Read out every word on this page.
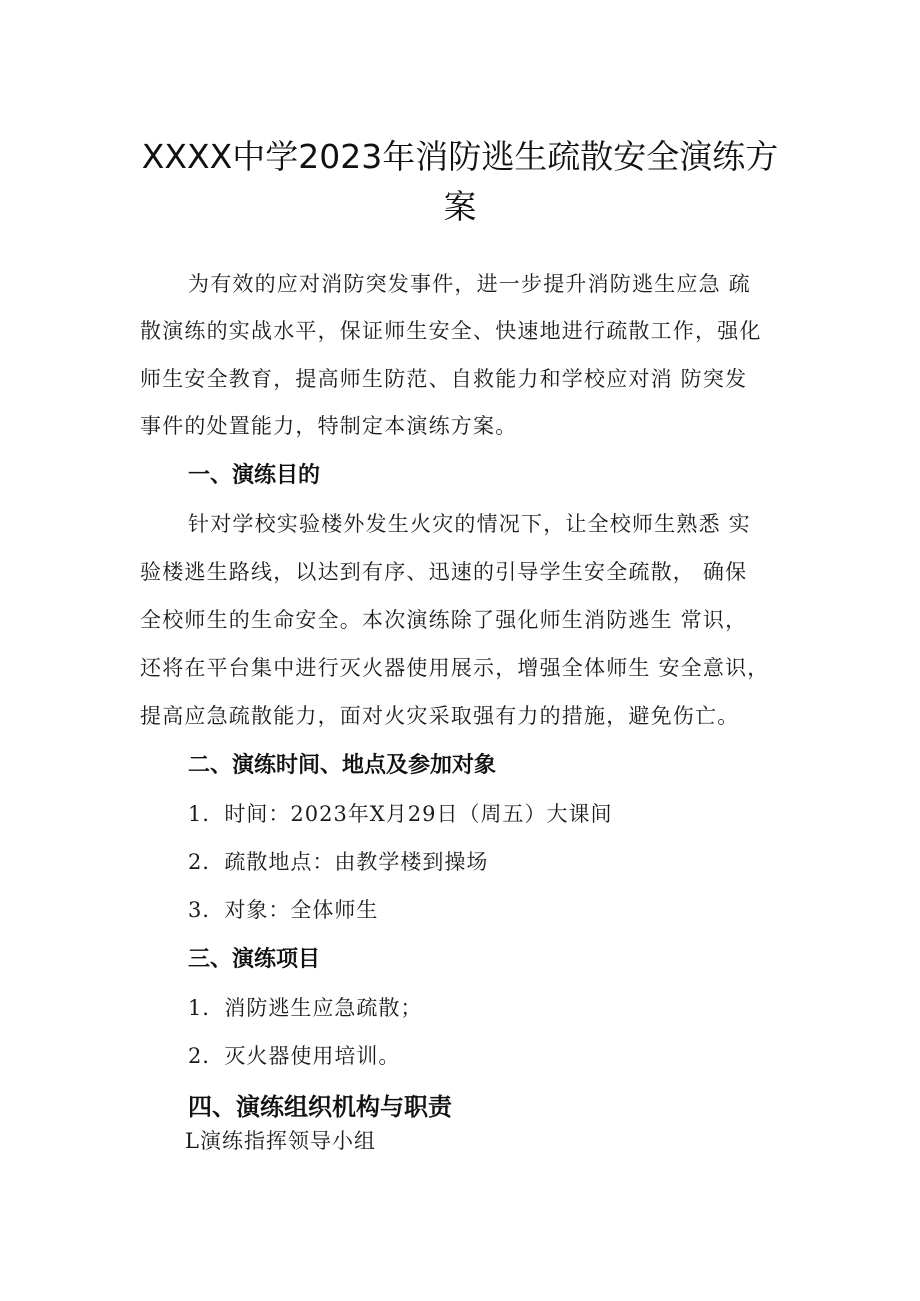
XXXX中学2023年消防逃生疏散安全演练方
案
为有效的应对消防突发事件，进一步提升消防逃生应急 疏
散演练的实战水平，保证师生安全、快速地进行疏散工作，强化
师生安全教育，提高师生防范、自救能力和学校应对消 防突发
事件的处置能力，特制定本演练方案。
一、演练目的
针对学校实验楼外发生火灾的情况下，让全校师生熟悉 实
验楼逃生路线，以达到有序、迅速的引导学生安全疏散， 确保
全校师生的生命安全。本次演练除了强化师生消防逃生 常识，
还将在平台集中进行灭火器使用展示，增强全体师生 安全意识，
提高应急疏散能力，面对火灾采取强有力的措施，避免伤亡。
二、演练时间、地点及参加对象
1．时间：2023年X月29日（周五）大课间
2．疏散地点：由教学楼到操场
3．对象：全体师生
三、演练项目
1．消防逃生应急疏散；
2．灭火器使用培训。
四、演练组织机构与职责
L演练指挥领导小组
